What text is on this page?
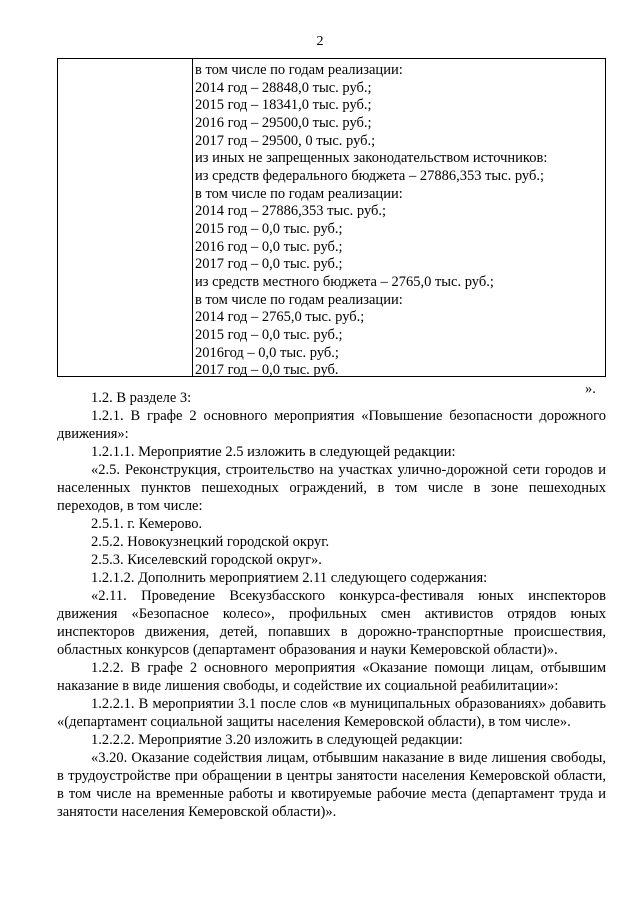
2
в том числе по годам реализации:
2014 год – 28848,0 тыс. руб.;
2015 год – 18341,0 тыс. руб.;
2016 год – 29500,0 тыс. руб.;
2017 год – 29500, 0 тыс. руб.;
из иных не запрещенных законодательством источников:
из средств федерального бюджета – 27886,353 тыс. руб.;
в том числе по годам реализации:
2014 год – 27886,353 тыс. руб.;
2015 год – 0,0 тыс. руб.;
2016 год – 0,0 тыс. руб.;
2017 год – 0,0 тыс. руб.;
из средств местного бюджета – 2765,0 тыс. руб.;
в том числе по годам реализации:
2014 год – 2765,0 тыс. руб.;
2015 год – 0,0 тыс. руб.;
2016год – 0,0 тыс. руб.;
2017 год – 0,0 тыс. руб.
».

1.2. В разделе 3:

1.2.1. В графе 2 основного мероприятия «Повышение безопасности дорожного движения»:

1.2.1.1. Мероприятие 2.5 изложить в следующей редакции:

«2.5. Реконструкция, строительство на участках улично-дорожной сети городов и населенных пунктов пешеходных ограждений, в том числе в зоне пешеходных переходов, в том числе:

2.5.1. г. Кемерово.

2.5.2. Новокузнецкий городской округ.

2.5.3. Киселевский городской округ».

1.2.1.2. Дополнить мероприятием 2.11 следующего содержания:

«2.11. Проведение Всекузбасского конкурса-фестиваля юных инспекторов движения «Безопасное колесо», профильных смен активистов отрядов юных инспекторов движения, детей, попавших в дорожно-транспортные происшествия, областных конкурсов (департамент образования и науки Кемеровской области)».

1.2.2. В графе 2 основного мероприятия «Оказание помощи лицам, отбывшим наказание в виде лишения свободы, и содействие их социальной реабилитации»:

1.2.2.1. В мероприятии 3.1 после слов «в муниципальных образованиях» добавить «(департамент социальной защиты населения Кемеровской области), в том числе».

1.2.2.2. Мероприятие 3.20 изложить в следующей редакции:

«3.20. Оказание содействия лицам, отбывшим наказание в виде лишения свободы, в трудоустройстве при обращении в центры занятости населения Кемеровской области, в том числе на временные работы и квотируемые рабочие места (департамент труда и занятости населения Кемеровской области)».
